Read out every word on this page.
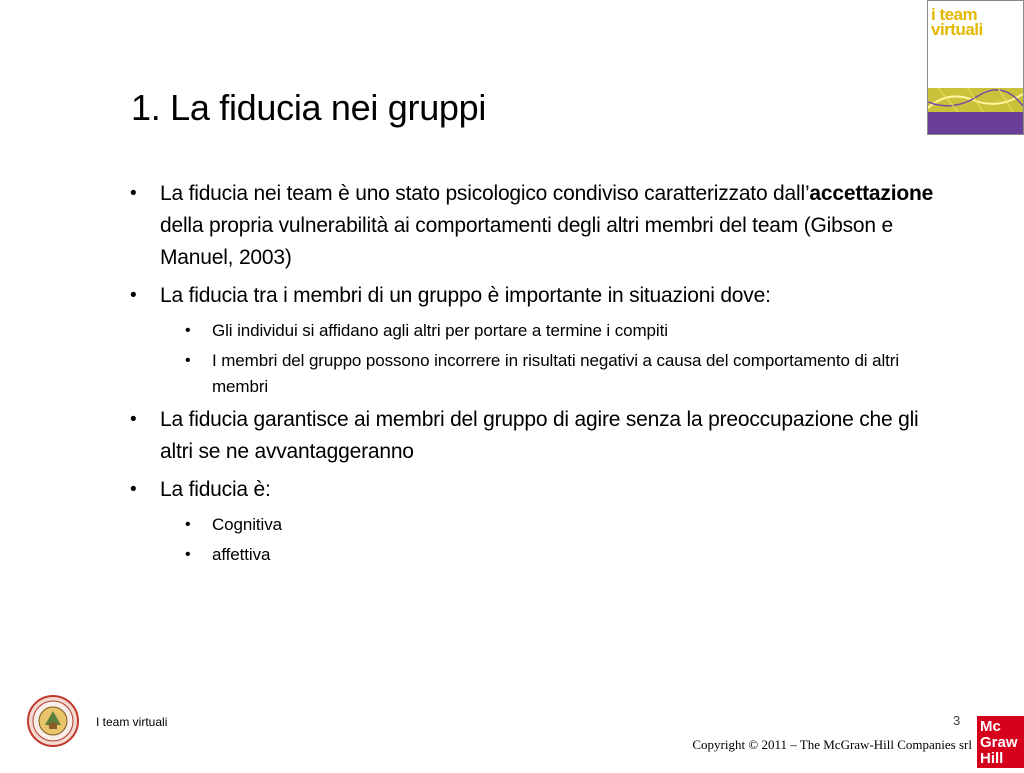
i team
virtuali
1. La fiducia nei gruppi
• La fiducia nei team è uno stato psicologico condiviso caratterizzato dall’accettazione della propria vulnerabilità ai comportamenti degli altri membri del team (Gibson e Manuel, 2003)
• La fiducia tra i membri di un gruppo è importante in situazioni dove:
• Gli individui si affidano agli altri per portare a termine i compiti
• I membri del gruppo possono incorrere in risultati negativi a causa del comportamento di altri membri
• La fiducia garantisce ai membri del gruppo di agire senza la preoccupazione che gli altri se ne avvantaggeranno
• La fiducia è:
• Cognitiva
• affettiva
I team virtuali	3
Copyright © 2011 – The McGraw-Hill Companies srl
Mc
Graw
Hill
